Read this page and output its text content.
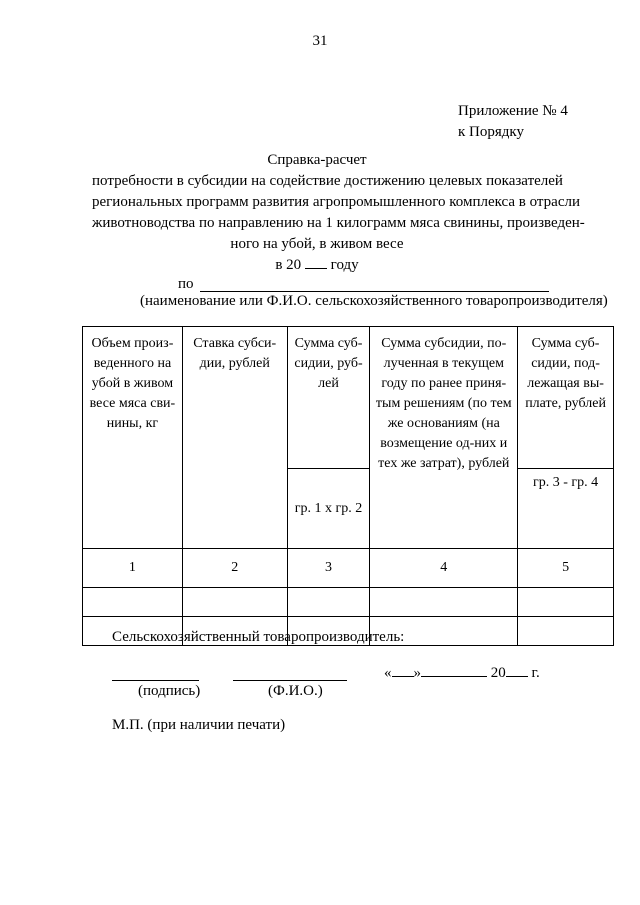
31
Приложение № 4
к Порядку
Справка-расчет
потребности в субсидии на содействие достижению целевых показателей
региональных программ развития агропромышленного комплекса в отрасли
животноводства по направлению на 1 килограмм мяса свинины, произведен-
ного на убой, в живом весе
в 20 году
по
(наименование или Ф.И.О. сельскохозяйственного товаропроизводителя)
Объем произ-веденного на убой в живом весе мяса сви-нины, кг	Ставка субси-дии, рублей	Сумма суб-сидии, руб-лей	Сумма субсидии, по-лученная в текущем году по ранее приня-тым решениям (по тем же основаниям (на возмещение од-них и тех же затрат), рублей	Сумма суб-сидии, под-лежащая вы-плате, рублей
		гр. 1 х гр. 2		гр. 3 - гр. 4
1	2	3	4	5

Сельскохозяйственный товаропроизводитель:
(подпись)	(Ф.И.О.)
« »	20 г.
М.П. (при наличии печати)
